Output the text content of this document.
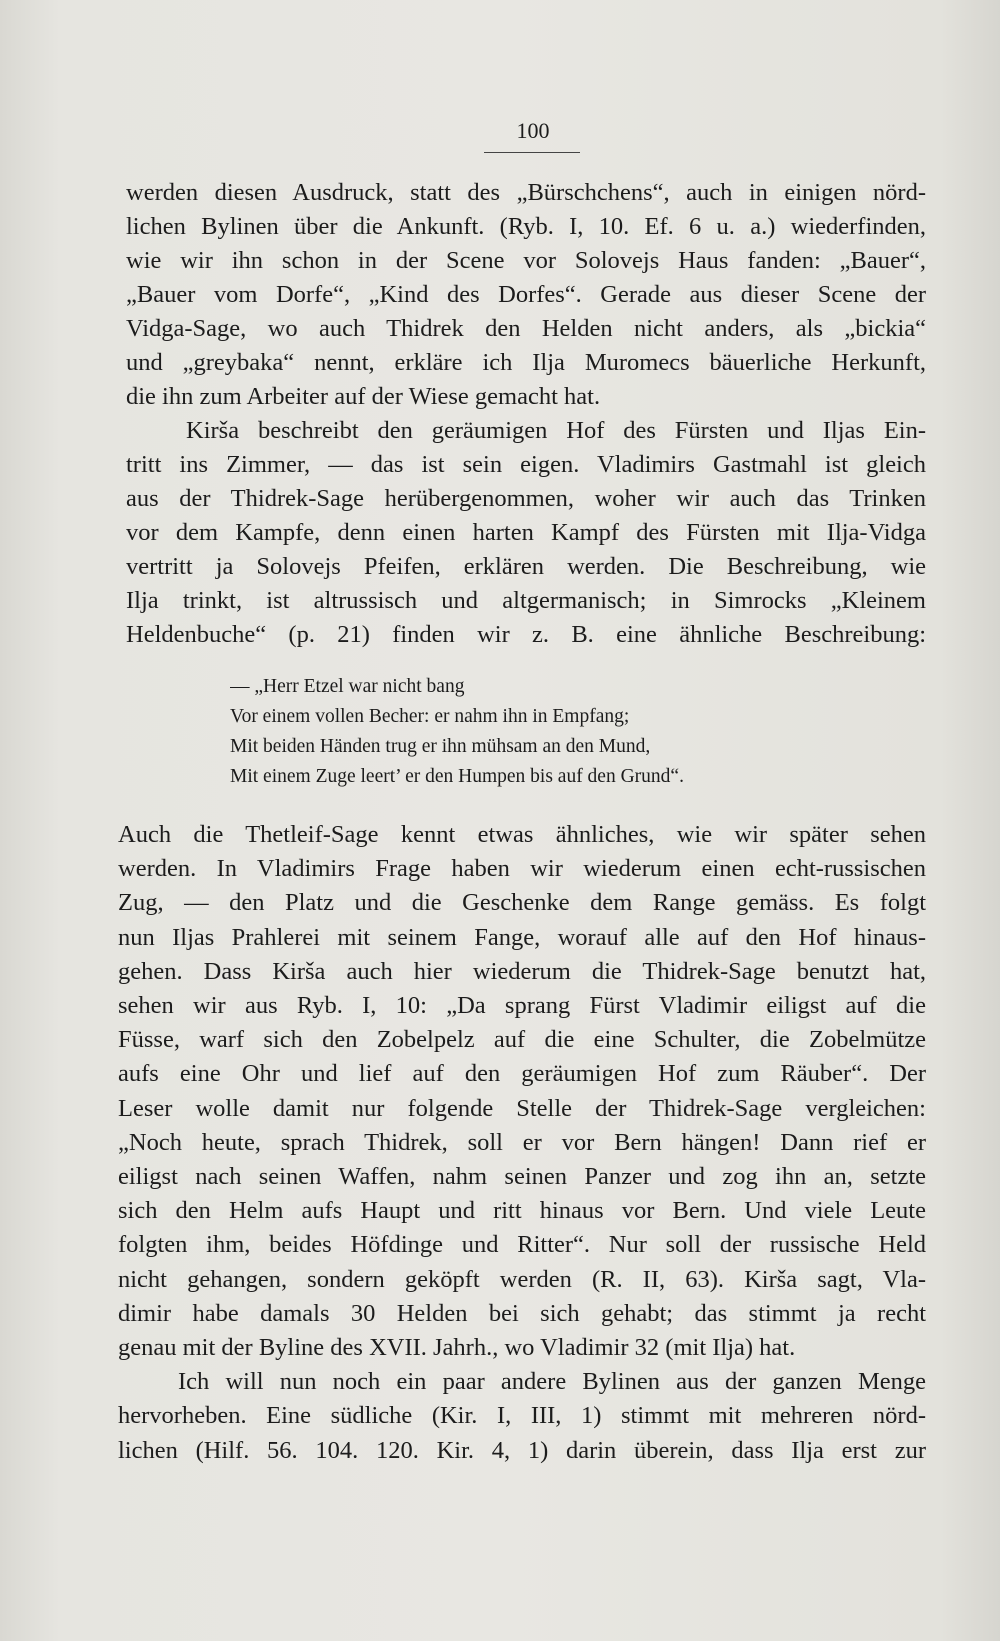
100
werden diesen Ausdruck, statt des „Bürschchens“, auch in einigen nörd-
lichen Bylinen über die Ankunft. (Ryb. I, 10. Ef. 6 u. a.) wiederfinden,
wie wir ihn schon in der Scene vor Solovejs Haus fanden: „Bauer“,
„Bauer vom Dorfe“, „Kind des Dorfes“. Gerade aus dieser Scene der
Vidga-Sage, wo auch Thidrek den Helden nicht anders, als „bickia“
und „greybaka“ nennt, erkläre ich Ilja Muromecs bäuerliche Herkunft,
die ihn zum Arbeiter auf der Wiese gemacht hat.
Kirša beschreibt den geräumigen Hof des Fürsten und Iljas Ein-
tritt ins Zimmer, — das ist sein eigen. Vladimirs Gastmahl ist gleich
aus der Thidrek-Sage herübergenommen, woher wir auch das Trinken
vor dem Kampfe, denn einen harten Kampf des Fürsten mit Ilja-Vidga
vertritt ja Solovejs Pfeifen, erklären werden. Die Beschreibung, wie
Ilja trinkt, ist altrussisch und altgermanisch; in Simrocks „Kleinem
Heldenbuche“ (p. 21) finden wir z. B. eine ähnliche Beschreibung:
— „Herr Etzel war nicht bang
Vor einem vollen Becher: er nahm ihn in Empfang;
Mit beiden Händen trug er ihn mühsam an den Mund,
Mit einem Zuge leert’ er den Humpen bis auf den Grund“.
Auch die Thetleif-Sage kennt etwas ähnliches, wie wir später sehen
werden. In Vladimirs Frage haben wir wiederum einen echt-russischen
Zug, — den Platz und die Geschenke dem Range gemäss. Es folgt
nun Iljas Prahlerei mit seinem Fange, worauf alle auf den Hof hinaus-
gehen. Dass Kirša auch hier wiederum die Thidrek-Sage benutzt hat,
sehen wir aus Ryb. I, 10: „Da sprang Fürst Vladimir eiligst auf die
Füsse, warf sich den Zobelpelz auf die eine Schulter, die Zobelmütze
aufs eine Ohr und lief auf den geräumigen Hof zum Räuber“. Der
Leser wolle damit nur folgende Stelle der Thidrek-Sage vergleichen:
„Noch heute, sprach Thidrek, soll er vor Bern hängen! Dann rief er
eiligst nach seinen Waffen, nahm seinen Panzer und zog ihn an, setzte
sich den Helm aufs Haupt und ritt hinaus vor Bern. Und viele Leute
folgten ihm, beides Höfdinge und Ritter“. Nur soll der russische Held
nicht gehangen, sondern geköpft werden (R. II, 63). Kirša sagt, Vla-
dimir habe damals 30 Helden bei sich gehabt; das stimmt ja recht
genau mit der Byline des XVII. Jahrh., wo Vladimir 32 (mit Ilja) hat.
Ich will nun noch ein paar andere Bylinen aus der ganzen Menge
hervorheben. Eine südliche (Kir. I, III, 1) stimmt mit mehreren nörd-
lichen (Hilf. 56. 104. 120. Kir. 4, 1) darin überein, dass Ilja erst zur
